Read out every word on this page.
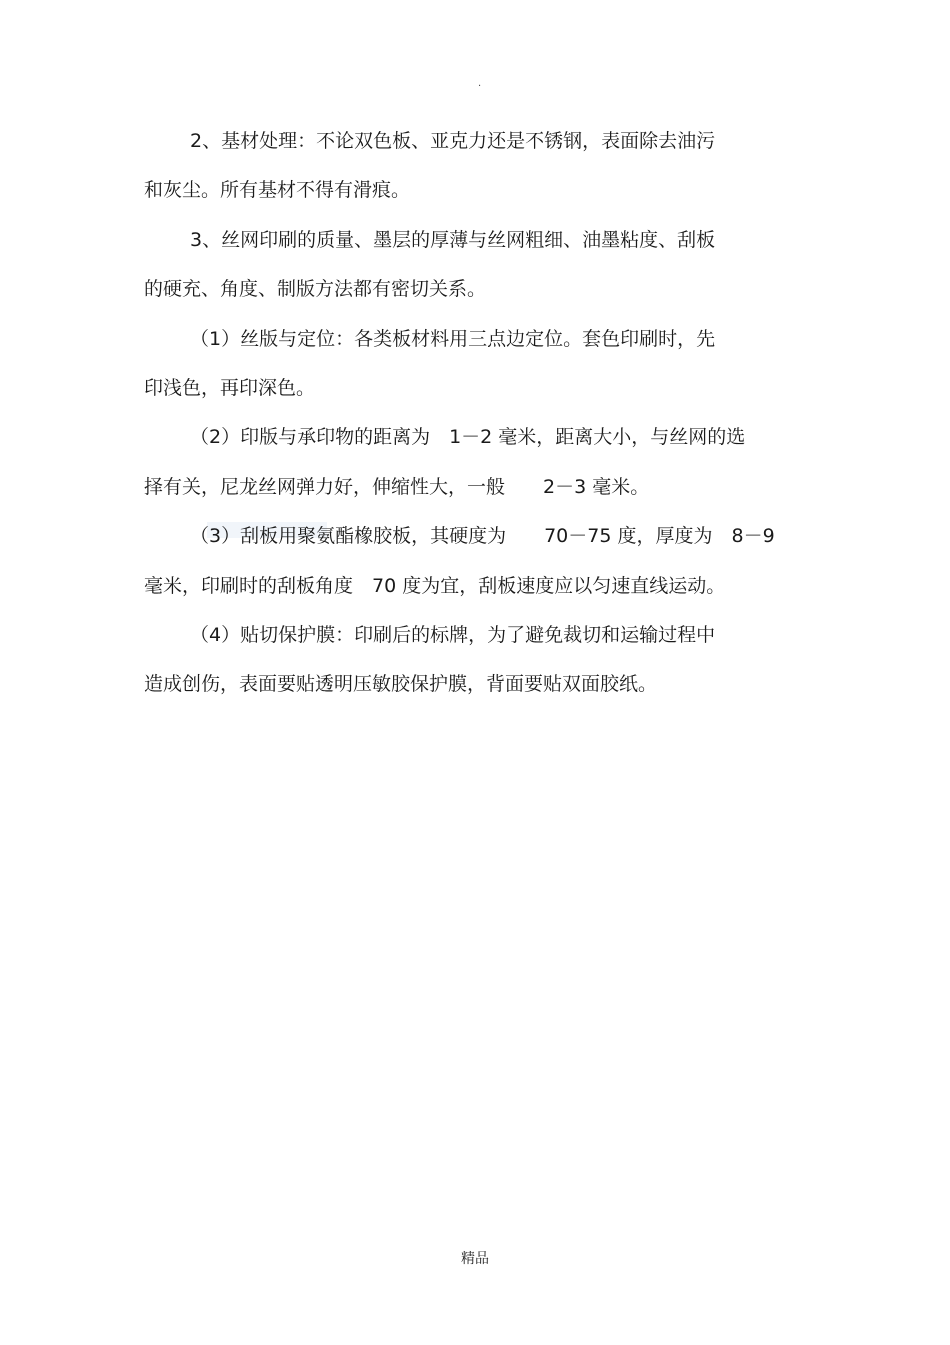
.
2、基材处理：不论双色板、亚克力还是不锈钢，表面除去油污
和灰尘。所有基材不得有滑痕。
3、丝网印刷的质量、墨层的厚薄与丝网粗细、油墨粘度、刮板
的硬充、角度、制版方法都有密切关系。
（1）丝版与定位：各类板材料用三点边定位。套色印刷时，先
印浅色，再印深色。
（2）印版与承印物的距离为　1－2 毫米，距离大小，与丝网的选
择有关，尼龙丝网弹力好，伸缩性大，一般　　2－3 毫米。
（3）刮板用聚氨酯橡胶板，其硬度为　　70－75 度，厚度为　8－9
毫米，印刷时的刮板角度　70 度为宜，刮板速度应以匀速直线运动。
（4）贴切保护膜：印刷后的标牌，为了避免裁切和运输过程中
造成创伤，表面要贴透明压敏胶保护膜，背面要贴双面胶纸。
精品
